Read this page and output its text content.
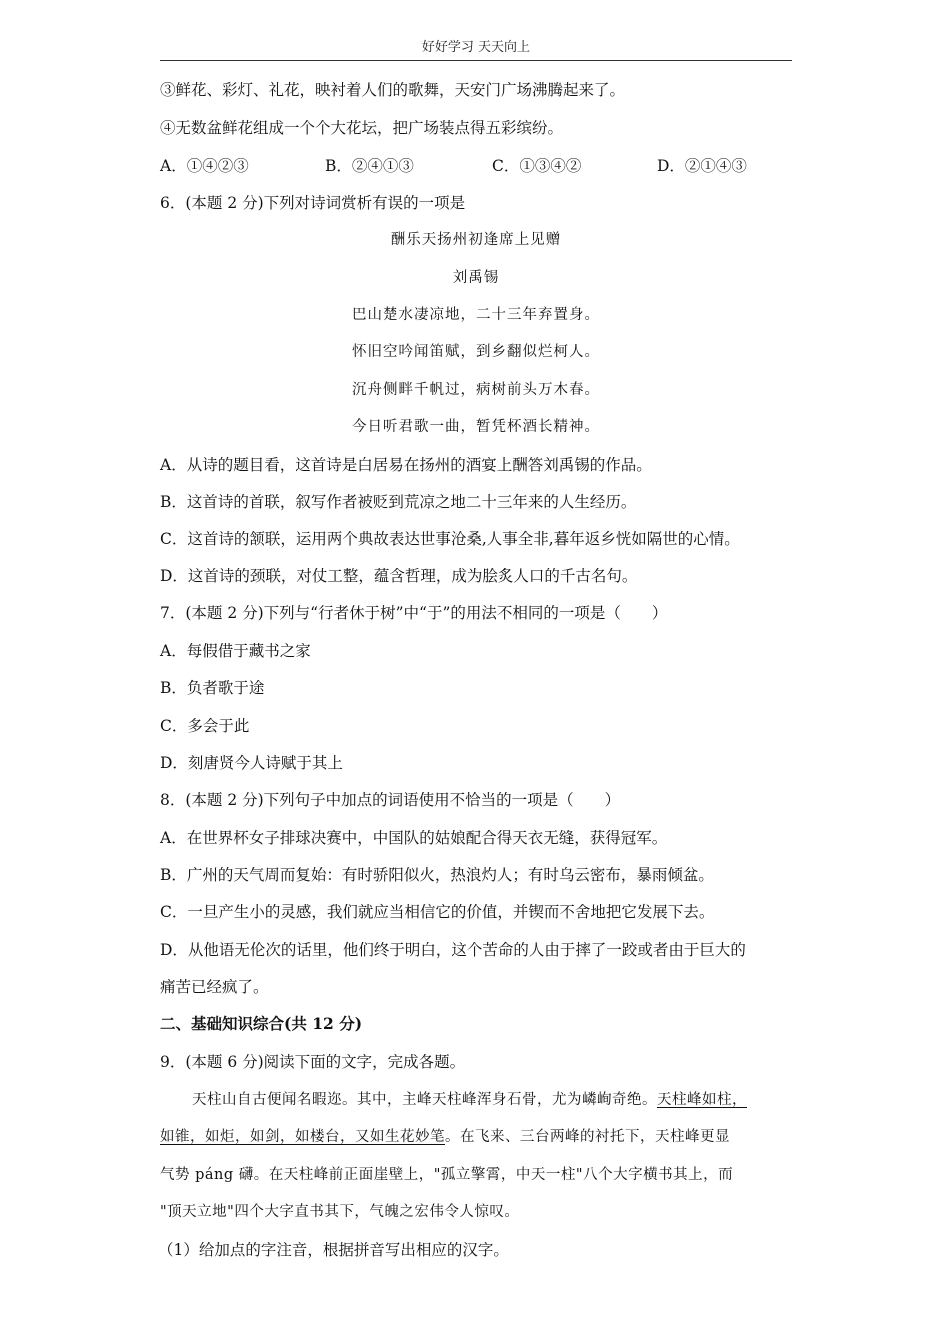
好好学习 天天向上
③鲜花、彩灯、礼花，映衬着人们的歌舞，天安门广场沸腾起来了。
④无数盆鲜花组成一个个大花坛，把广场装点得五彩缤纷。
A．①④②③	B．②④①③	C．①③④②	D．②①④③
6．(本题 2 分)下列对诗词赏析有误的一项是
酬乐天扬州初逢席上见赠
刘禹锡
巴山楚水凄凉地，二十三年弃置身。
怀旧空吟闻笛赋，到乡翻似烂柯人。
沉舟侧畔千帆过，病树前头万木春。
今日听君歌一曲，暂凭杯酒长精神。
A．从诗的题目看，这首诗是白居易在扬州的酒宴上酬答刘禹锡的作品。
B．这首诗的首联，叙写作者被贬到荒凉之地二十三年来的人生经历。
C．这首诗的颔联，运用两个典故表达世事沧桑,人事全非,暮年返乡恍如隔世的心情。
D．这首诗的颈联，对仗工整，蕴含哲理，成为脍炙人口的千古名句。
7．(本题 2 分)下列与“行者休于树”中“于”的用法不相同的一项是（　　）
A．每假借于藏书之家
B．负者歌于途
C．多会于此
D．刻唐贤今人诗赋于其上
8．(本题 2 分)下列句子中加点的词语使用不恰当的一项是（　　）
A．在世界杯女子排球决赛中，中国队的姑娘配合得天衣无缝，获得冠军。
B．广州的天气周而复始：有时骄阳似火，热浪灼人；有时乌云密布，暴雨倾盆。
C．一旦产生小的灵感，我们就应当相信它的价值，并锲而不舍地把它发展下去。
D．从他语无伦次的话里，他们终于明白，这个苦命的人由于摔了一跤或者由于巨大的
痛苦已经疯了。
二、基础知识综合(共 12 分)
9．(本题 6 分)阅读下面的文字，完成各题。
天柱山自古便闻名暇迩。其中，主峰天柱峰浑身石骨，尤为嶙峋奇绝。天柱峰如柱，
如锥，如炬，如剑，如楼台，又如生花妙笔。在飞来、三台两峰的衬托下，天柱峰更显
气势 páng 礴。在天柱峰前正面崖壁上，"孤立擎霄，中天一柱"八个大字横书其上，而
"顶天立地"四个大字直书其下，气魄之宏伟令人惊叹。
（1）给加点的字注音，根据拼音写出相应的汉字。
